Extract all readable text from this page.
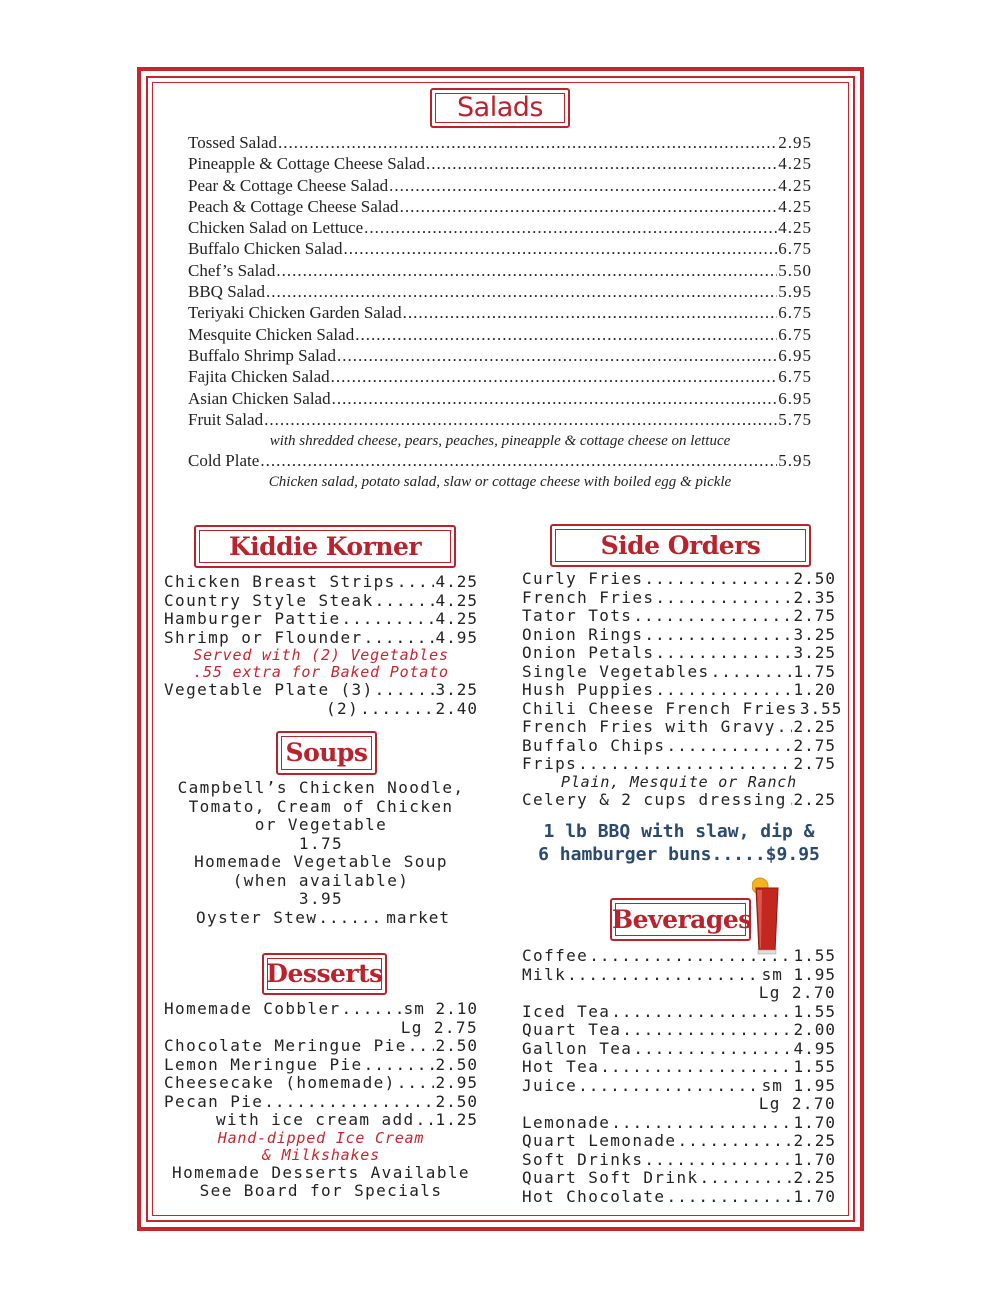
Salads
Tossed Salad .....	2.95
Pineapple & Cottage Cheese Salad .....	4.25
Pear & Cottage Cheese Salad .....	4.25
Peach & Cottage Cheese Salad .....	4.25
Chicken Salad on Lettuce .....	4.25
Buffalo Chicken Salad .....	6.75
Chef’s Salad .....	5.50
BBQ Salad .....	5.95
Teriyaki Chicken Garden Salad .....	6.75
Mesquite Chicken Salad .....	6.75
Buffalo Shrimp Salad .....	6.95
Fajita Chicken Salad .....	6.75
Asian Chicken Salad .....	6.95
Fruit Salad .....	5.75
with shredded cheese, pears, peaches, pineapple & cottage cheese on lettuce
Cold Plate .....	5.95
Chicken salad, potato salad, slaw or cottage cheese with boiled egg & pickle
Kiddie Korner
Chicken Breast Strips ..... 4.25
Country Style Steak .....	4.25
Hamburger Pattie .....	4.25
Shrimp or Flounder .....	4.95
Served with (2) Vegetables
.55 extra for Baked Potato
Vegetable Plate (3) .....	3.25
(2) .....	2.40
Soups
Campbell’s Chicken Noodle,
Tomato, Cream of Chicken
or Vegetable
1.75
Homemade Vegetable Soup
(when available)
3.95
Oyster Stew .....	market
Desserts
Homemade Cobbler .....	sm 2.10
Lg 2.75
Chocolate Meringue Pie ..... 2.50
Lemon Meringue Pie .....	2.50
Cheesecake (homemade) ..... 2.95
Pecan Pie .....	2.50
with ice cream add ..... 1.25
Hand-dipped Ice Cream
& Milkshakes
Homemade Desserts Available
See Board for Specials
Side Orders
Curly Fries .....	2.50
French Fries .....	2.35
Tator Tots .....	2.75
Onion Rings .....	3.25
Onion Petals .....	3.25
Single Vegetables .....	1.75
Hush Puppies .....	1.20
Chili Cheese French Fries 3.55
French Fries with Gravy ..... 2.25
Buffalo Chips .....	2.75
Frips .....	2.75
Plain, Mesquite or Ranch
Celery & 2 cups dressing ..... 2.25
1 lb BBQ with slaw, dip &
6 hamburger buns.....$9.95
Beverages
Coffee .....	1.55
Milk .....	sm 1.95
Lg 2.70
Iced Tea .....	1.55
Quart Tea .....	2.00
Gallon Tea .....	4.95
Hot Tea .....	1.55
Juice .....	sm 1.95
Lg 2.70
Lemonade .....	1.70
Quart Lemonade .....	2.25
Soft Drinks .....	1.70
Quart Soft Drink .....	2.25
Hot Chocolate .....	1.70
